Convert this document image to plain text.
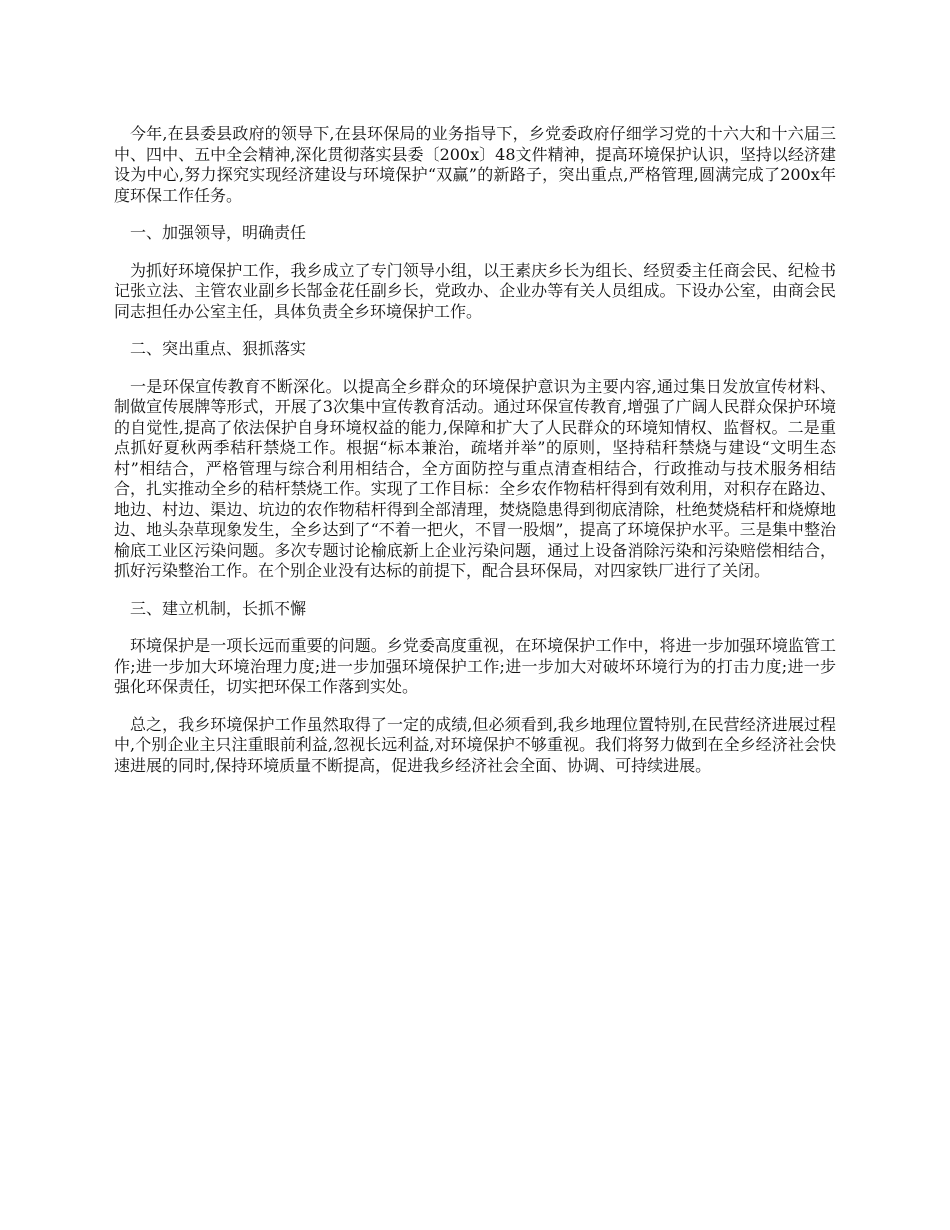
今年,在县委县政府的领导下,在县环保局的业务指导下，乡党委政府仔细学习党的十六大和十六届三中、四中、五中全会精神,深化贯彻落实县委〔200x〕48文件精神，提高环境保护认识，坚持以经济建设为中心,努力探究实现经济建设与环境保护“双赢”的新路子，突出重点,严格管理,圆满完成了200x年度环保工作任务。

一、加强领导，明确责任

为抓好环境保护工作，我乡成立了专门领导小组，以王素庆乡长为组长、经贸委主任商会民、纪检书记张立法、主管农业副乡长郜金花任副乡长，党政办、企业办等有关人员组成。下设办公室，由商会民同志担任办公室主任，具体负责全乡环境保护工作。

二、突出重点、狠抓落实

一是环保宣传教育不断深化。以提高全乡群众的环境保护意识为主要内容,通过集日发放宣传材料、制做宣传展牌等形式，开展了3次集中宣传教育活动。通过环保宣传教育,增强了广阔人民群众保护环境的自觉性,提高了依法保护自身环境权益的能力,保障和扩大了人民群众的环境知情权、监督权。二是重点抓好夏秋两季秸秆禁烧工作。根据“标本兼治，疏堵并举”的原则，坚持秸秆禁烧与建设“文明生态村”相结合，严格管理与综合利用相结合，全方面防控与重点清查相结合，行政推动与技术服务相结合，扎实推动全乡的秸杆禁烧工作。实现了工作目标：全乡农作物秸杆得到有效利用，对积存在路边、地边、村边、渠边、坑边的农作物秸杆得到全部清理，焚烧隐患得到彻底清除，杜绝焚烧秸杆和烧燎地边、地头杂草现象发生，全乡达到了“不着一把火，不冒一股烟”，提高了环境保护水平。三是集中整治榆底工业区污染问题。多次专题讨论榆底新上企业污染问题，通过上设备消除污染和污染赔偿相结合，抓好污染整治工作。在个别企业没有达标的前提下，配合县环保局，对四家铁厂进行了关闭。

三、建立机制，长抓不懈

环境保护是一项长远而重要的问题。乡党委高度重视，在环境保护工作中，将进一步加强环境监管工作;进一步加大环境治理力度;进一步加强环境保护工作;进一步加大对破坏环境行为的打击力度;进一步强化环保责任，切实把环保工作落到实处。

总之，我乡环境保护工作虽然取得了一定的成绩,但必须看到,我乡地理位置特别,在民营经济进展过程中,个别企业主只注重眼前利益,忽视长远利益,对环境保护不够重视。我们将努力做到在全乡经济社会快速进展的同时,保持环境质量不断提高，促进我乡经济社会全面、协调、可持续进展。
